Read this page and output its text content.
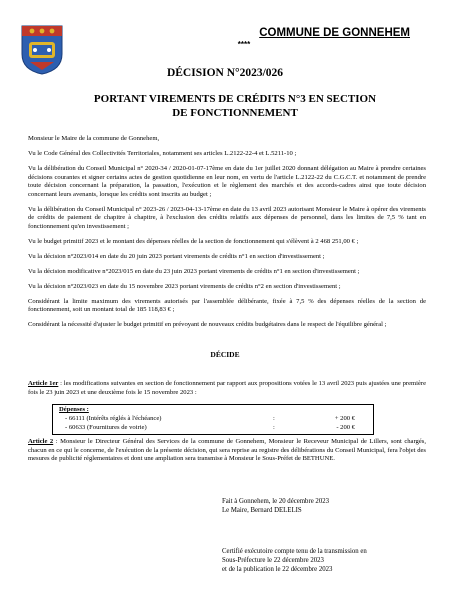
COMMUNE DE GONNEHEM
****
DÉCISION N°2023/026
PORTANT VIREMENTS DE CRÉDITS N°3 EN SECTION
DE FONCTIONNEMENT

Monsieur le Maire de la commune de Gonnehem,

Vu le Code Général des Collectivités Territoriales, notamment ses articles L.2122-22-4 et L.5211-10 ;

Vu la délibération du Conseil Municipal n° 2020-34 / 2020-01-07-17ème en date du 1er juillet 2020 donnant délégation au Maire à prendre certaines décisions courantes et signer certains actes de gestion quotidienne en leur nom, en vertu de l'article L.2122-22 du C.G.C.T. et notamment de prendre toute décision concernant la préparation, la passation, l'exécution et le règlement des marchés et des accords-cadres ainsi que toute décision concernant leurs avenants, lorsque les crédits sont inscrits au budget ;

Vu la délibération du Conseil Municipal n° 2023-26 / 2023-04-13-17ème en date du 13 avril 2023 autorisant Monsieur le Maire à opérer des virements de crédits de paiement de chapitre à chapitre, à l'exclusion des crédits relatifs aux dépenses de personnel, dans les limites de 7,5 % tant en fonctionnement qu'en investissement ;

Vu le budget primitif 2023 et le montant des dépenses réelles de la section de fonctionnement qui s'élèvent à 2 468 251,00 € ;

Vu la décision n°2023/014 en date du 20 juin 2023 portant virements de crédits n°1 en section d'investissement ;

Vu la décision modificative n°2023/015 en date du 23 juin 2023 portant virements de crédits n°1 en section d'investissement ;

Vu la décision n°2023/023 en date du 15 novembre 2023 portant virements de crédits n°2 en section d'investissement ;

Considérant la limite maximum des virements autorisés par l'assemblée délibérante, fixée à 7,5 % des dépenses réelles de la section de fonctionnement, soit un montant total de 185 118,83 € ;

Considérant la nécessité d'ajuster le budget primitif en prévoyant de nouveaux crédits budgétaires dans le respect de l'équilibre général ;

DÉCIDE
Article 1er : les modifications suivantes en section de fonctionnement par rapport aux propositions votées le 13 avril 2023 puis ajustées une première fois le 23 juin 2023 et une deuxième fois le 15 novembre 2023 :
Dépenses :
- 66111 (Intérêts réglés à l'échéance)	:	+ 200 €
- 60633 (Fournitures de voirie)	:	- 200 €
Article 2 : Monsieur le Directeur Général des Services de la commune de Gonnehem, Monsieur le Receveur Municipal de Lillers, sont chargés, chacun en ce qui le concerne, de l'exécution de la présente décision, qui sera reprise au registre des délibérations du Conseil Municipal, fera l'objet des mesures de publicité réglementaires et dont une ampliation sera transmise à Monsieur le Sous-Préfet de BETHUNE.
Fait à Gonnehem, le 20 décembre 2023
Le Maire, Bernard DELELIS
Certifié exécutoire compte tenu de la transmission en
Sous-Préfecture le 22 décembre 2023
et de la publication le 22 décembre 2023
